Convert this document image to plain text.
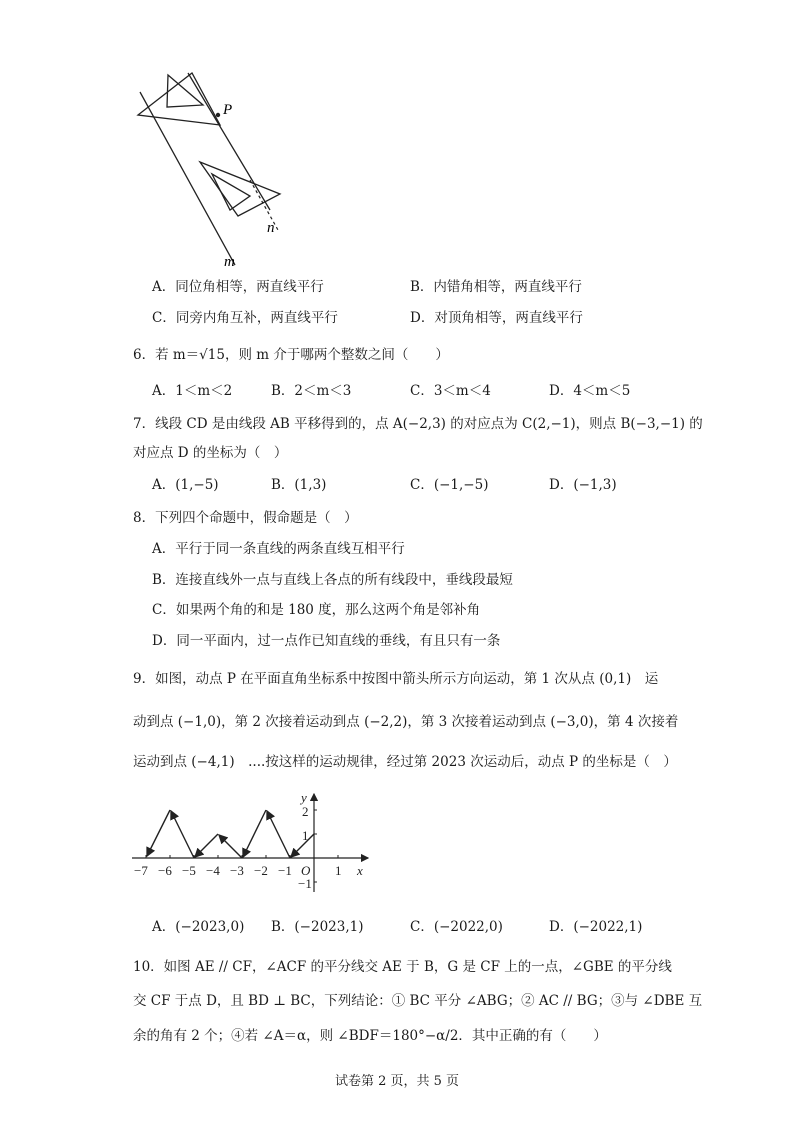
P
n
m
A．同位角相等，两直线平行	B．内错角相等，两直线平行
C．同旁内角互补，两直线平行	D．对顶角相等，两直线平行
6．若 m＝√15，则 m 介于哪两个整数之间（　　）
A．1＜m＜2	B．2＜m＜3	C．3＜m＜4	D．4＜m＜5
7．线段 CD 是由线段 AB 平移得到的，点 A(−2,3) 的对应点为 C(2,−1)，则点 B(−3,−1) 的
对应点 D 的坐标为（　）
A．(1,−5)	B．(1,3)	C．(−1,−5)	D．(−1,3)
8．下列四个命题中，假命题是（　）
A．平行于同一条直线的两条直线互相平行
B．连接直线外一点与直线上各点的所有线段中，垂线段最短
C．如果两个角的和是 180 度，那么这两个角是邻补角
D．同一平面内，过一点作已知直线的垂线，有且只有一条
9．如图，动点 P 在平面直角坐标系中按图中箭头所示方向运动，第 1 次从点 (0,1)　运
动到点 (−1,0)，第 2 次接着运动到点 (−2,2)，第 3 次接着运动到点 (−3,0)，第 4 次接着
运动到点 (−4,1)　....按这样的运动规律，经过第 2023 次运动后，动点 P 的坐标是（　）
−7 −6 −5 −4 −3 −2 −1 O 1 x
y
2
1
−1
A．(−2023,0) B．(−2023,1)	C．(−2022,0)	D．(−2022,1)
10．如图 AE // CF，∠ACF 的平分线交 AE 于 B，G 是 CF 上的一点，∠GBE 的平分线
交 CF 于点 D，且 BD ⊥ BC，下列结论：① BC 平分 ∠ABG；② AC // BG；③与 ∠DBE 互
余的角有 2 个；④若 ∠A＝α，则 ∠BDF＝180°−α/2．其中正确的有（　　）
试卷第 2 页，共 5 页
